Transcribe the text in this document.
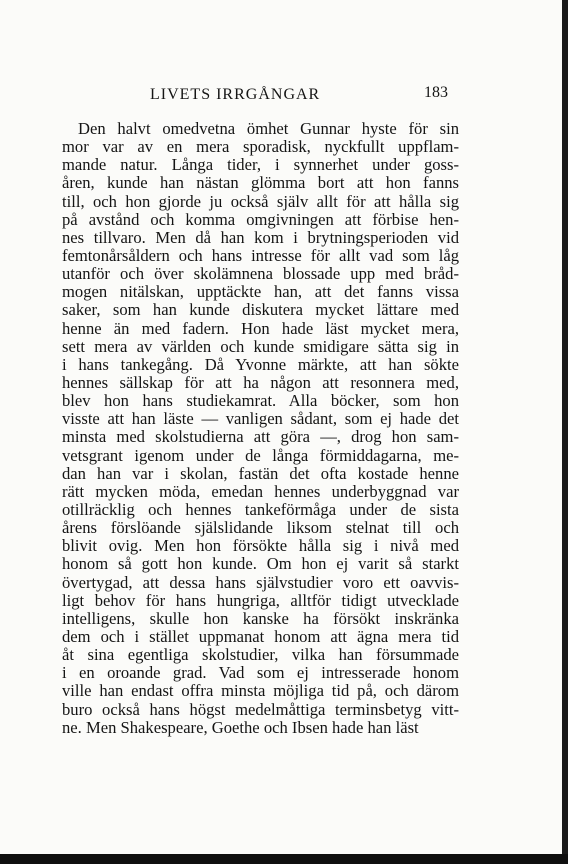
LIVETS IRRGÅNGAR	183
Den halvt omedvetna ömhet Gunnar hyste för sin
mor var av en mera sporadisk, nyckfullt uppflam-
mande natur. Långa tider, i synnerhet under goss-
åren, kunde han nästan glömma bort att hon fanns
till, och hon gjorde ju också själv allt för att hålla sig
på avstånd och komma omgivningen att förbise hen-
nes tillvaro. Men då han kom i brytningsperioden vid
femtonårsåldern och hans intresse för allt vad som låg
utanför och över skolämnena blossade upp med bråd-
mogen nitälskan, upptäckte han, att det fanns vissa
saker, som han kunde diskutera mycket lättare med
henne än med fadern. Hon hade läst mycket mera,
sett mera av världen och kunde smidigare sätta sig in
i hans tankegång. Då Yvonne märkte, att han sökte
hennes sällskap för att ha någon att resonnera med,
blev hon hans studiekamrat. Alla böcker, som hon
visste att han läste — vanligen sådant, som ej hade det
minsta med skolstudierna att göra —, drog hon sam-
vetsgrant igenom under de långa förmiddagarna, me-
dan han var i skolan, fastän det ofta kostade henne
rätt mycken möda, emedan hennes underbyggnad var
otillräcklig och hennes tankeförmåga under de sista
årens förslöande själslidande liksom stelnat till och
blivit ovig. Men hon försökte hålla sig i nivå med
honom så gott hon kunde. Om hon ej varit så starkt
övertygad, att dessa hans självstudier voro ett oavvis-
ligt behov för hans hungriga, alltför tidigt utvecklade
intelligens, skulle hon kanske ha försökt inskränka
dem och i stället uppmanat honom att ägna mera tid
åt sina egentliga skolstudier, vilka han försummade
i en oroande grad. Vad som ej intresserade honom
ville han endast offra minsta möjliga tid på, och därom
buro också hans högst medelmåttiga terminsbetyg vitt-
ne. Men Shakespeare, Goethe och Ibsen hade han läst
